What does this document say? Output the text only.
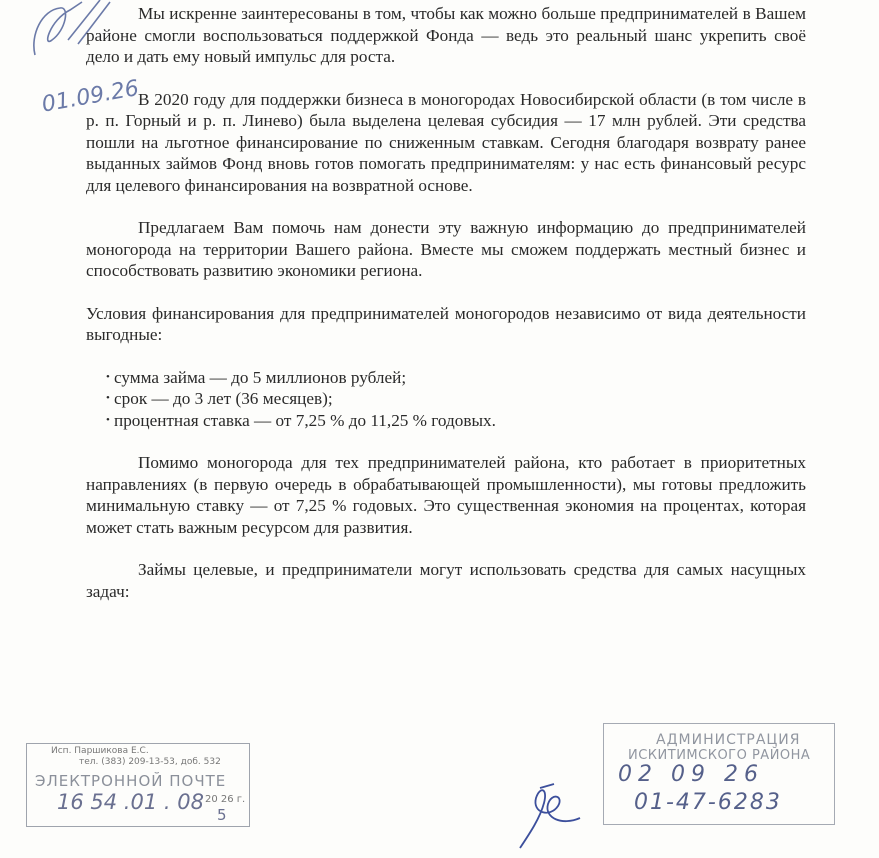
01.09.26

Мы искренне заинтересованы в том, чтобы как можно больше предпринимателей в Вашем районе смогли воспользоваться поддержкой Фонда — ведь это реальный шанс укрепить своё дело и дать ему новый импульс для роста.

В 2020 году для поддержки бизнеса в моногородах Новосибирской области (в том числе в р. п. Горный и р. п. Линево) была выделена целевая субсидия — 17 млн рублей. Эти средства пошли на льготное финансирование по сниженным ставкам. Сегодня благодаря возврату ранее выданных займов Фонд вновь готов помогать предпринимателям: у нас есть финансовый ресурс для целевого финансирования на возвратной основе.

Предлагаем Вам помочь нам донести эту важную информацию до предпринимателей моногорода на территории Вашего района. Вместе мы сможем поддержать местный бизнес и способствовать развитию экономики региона.

Условия финансирования для предпринимателей моногородов независимо от вида деятельности выгодные:

• сумма займа — до 5 миллионов рублей;
• срок — до 3 лет (36 месяцев);
• процентная ставка — от 7,25 % до 11,25 % годовых.

Помимо моногорода для тех предпринимателей района, кто работает в приоритетных направлениях (в первую очередь в обрабатывающей промышленности), мы готовы предложить минимальную ставку — от 7,25 % годовых. Это существенная экономия на процентах, которая может стать важным ресурсом для развития.

Займы целевые, и предприниматели могут использовать средства для самых насущных задач:

Исп. Паршикова Е.С.
тел. (383) 209-13-53, доб. 532
ЭЛЕКТРОННОЙ ПОЧТЕ
16 54 .01 . 08
5
20 26 г.
АДМИНИСТРАЦИЯ
ИСКИТИМСКОГО РАЙОНА
02 09 26
01-47-6283
